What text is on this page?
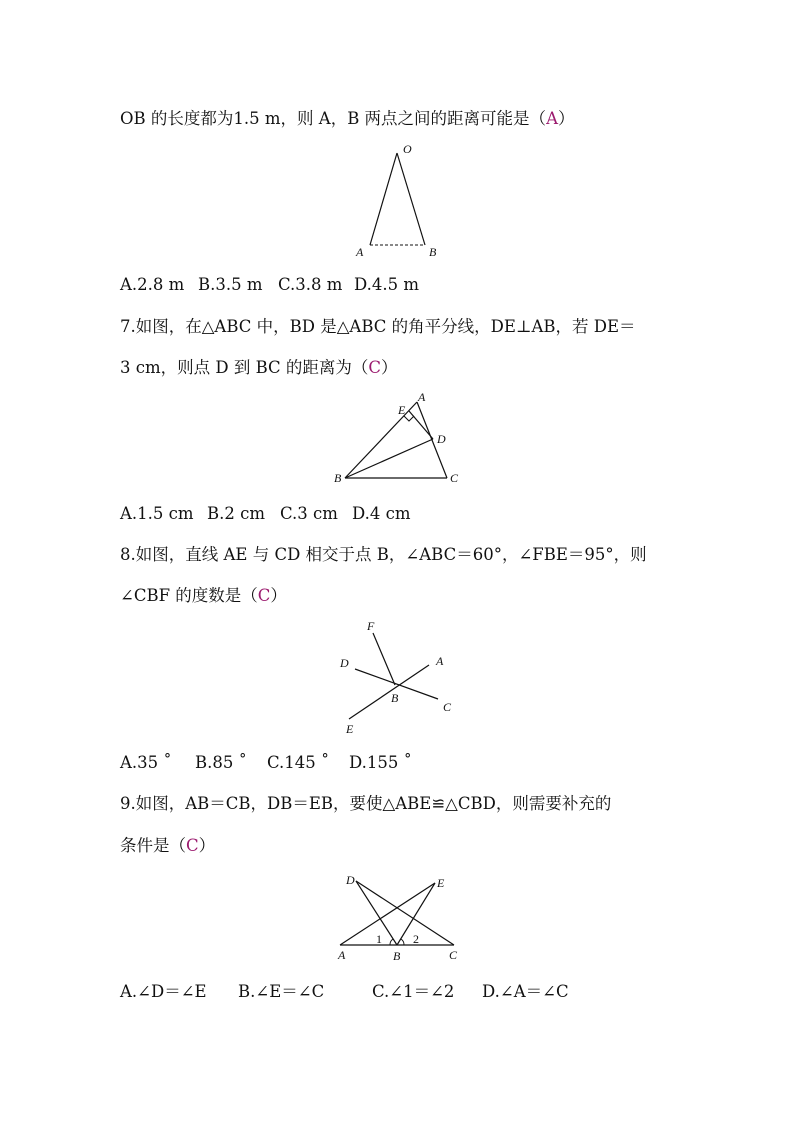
OB 的长度都为1.5 m，则 A，B 两点之间的距离可能是（A）
O
A	B
A.2.8 m B.3.5 m C.3.8 m D.4.5 m
7.如图，在△ABC 中，BD 是△ABC 的角平分线，DE⊥AB，若 DE＝
3 cm，则点 D 到 BC 的距离为（C）
A
E
D
B	C
A.1.5 cm B.2 cm C.3 cm D.4 cm
8.如图，直线 AE 与 CD 相交于点 B，∠ABC＝60°，∠FBE＝95°，则
∠CBF 的度数是（C）
F
D	A
B
C
E
A.35 ˚ B.85 ˚ C.145 ˚ D.155 ˚
9.如图，AB＝CB，DB＝EB，要使△ABE≌△CBD，则需要补充的
条件是（C）
D	E
A	B	C
1	2
A.∠D＝∠E B.∠E＝∠C	C.∠1＝∠2 D.∠A＝∠C
